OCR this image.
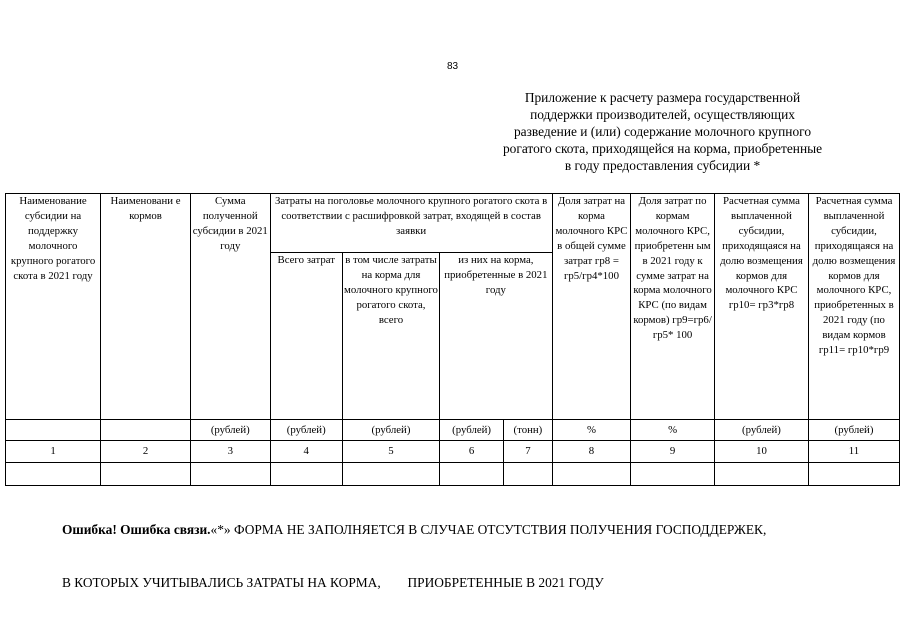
83
Приложение к расчету размера государственной
поддержки производителей, осуществляющих
разведение и (или) содержание молочного крупного
рогатого скота, приходящейся на корма, приобретенные
в году предоставления субсидии *
Наименование субсидии на поддержку молочного крупного рогатого скота в 2021 году	Наименовани е кормов	Сумма полученной субсидии в 2021 году	Затраты на поголовье молочного крупного рогатого скота в соответствии с расшифровкой затрат, входящей в состав заявки				Доля затрат на корма молочного КРС в общей сумме затрат гр8 = гр5/гр4*100	Доля затрат по кормам молочного КРС, приобретенн ым в 2021 году к сумме затрат на корма молочного КРС (по видам кормов) гр9=гр6/гр5* 100	Расчетная сумма выплаченной субсидии, приходящаяся на долю возмещения кормов для молочного КРС гр10= гр3*гр8	Расчетная сумма выплаченной субсидии, приходящаяся на долю возмещения кормов для молочного КРС, приобретенных в 2021 году (по видам кормов гр11= гр10*гр9
			Всего затрат	в том числе затраты на корма для молочного крупного рогатого скота, всего	из них на корма, приобретенные в 2021 году					
		(рублей)	(рублей)	(рублей)	(рублей)	(тонн)	%	%	(рублей)	(рублей)
1	2	3	4	5	6	7	8	9	10	11

Ошибка! Ошибка связи.«*» ФОРМА НЕ ЗАПОЛНЯЕТСЯ В СЛУЧАЕ ОТСУТСТВИЯ ПОЛУЧЕНИЯ ГОСПОДДЕРЖЕК,

В КОТОРЫХ УЧИТЫВАЛИСЬ ЗАТРАТЫ НА КОРМА,        ПРИОБРЕТЕННЫЕ В 2021 ГОДУ
